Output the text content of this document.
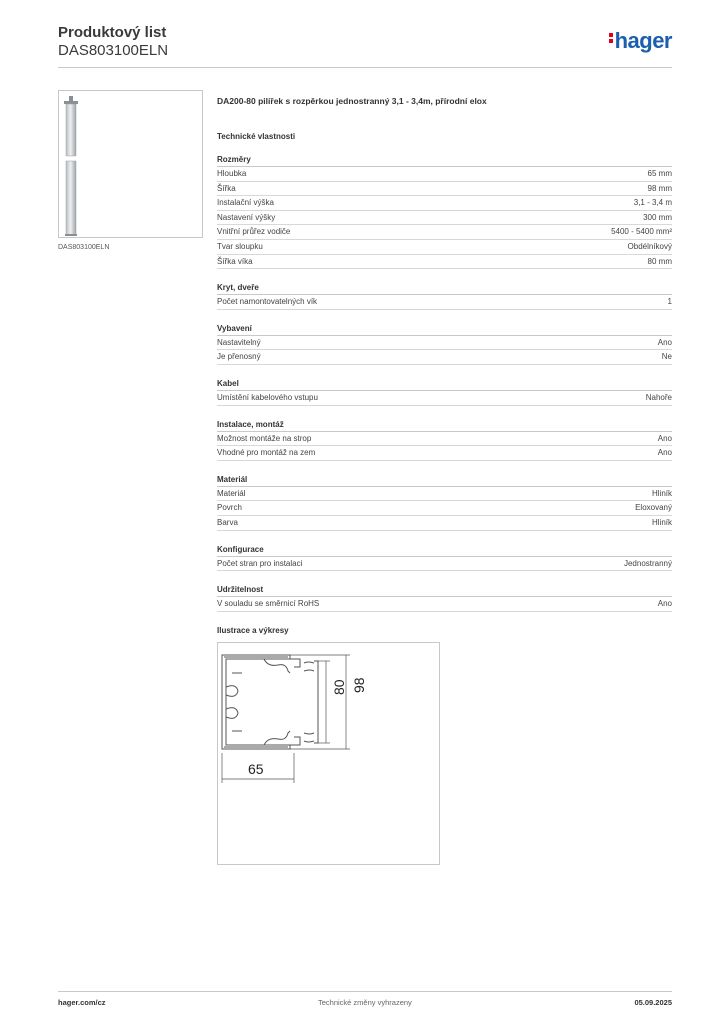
Produktový list
DAS803100ELN	hager
DAS803100ELN
DA200-80 pilířek s rozpěrkou jednostranný 3,1 - 3,4m, přírodní elox
Technické vlastnosti
Rozměry
Hloubka	65 mm
Šířka	98 mm
Instalační výška	3,1 - 3,4 m
Nastavení výšky	300 mm
Vnitřní průřez vodiče	5400 - 5400 mm²
Tvar sloupku	Obdélníkový
Šířka víka	80 mm
Kryt, dveře
Počet namontovatelných vík	1
Vybavení
Nastavitelný	Ano
Je přenosný	Ne
Kabel
Umístění kabelového vstupu	Nahoře
Instalace, montáž
Možnost montáže na strop	Ano
Vhodné pro montáž na zem	Ano
Materiál
Materiál	Hliník
Povrch	Eloxovaný
Barva	Hliník
Konfigurace
Počet stran pro instalaci	Jednostranný
Udržitelnost
V souladu se směrnicí RoHS	Ano
Ilustrace a výkresy
80 98
65
hager.com/cz	Technické změny vyhrazeny	05.09.2025
